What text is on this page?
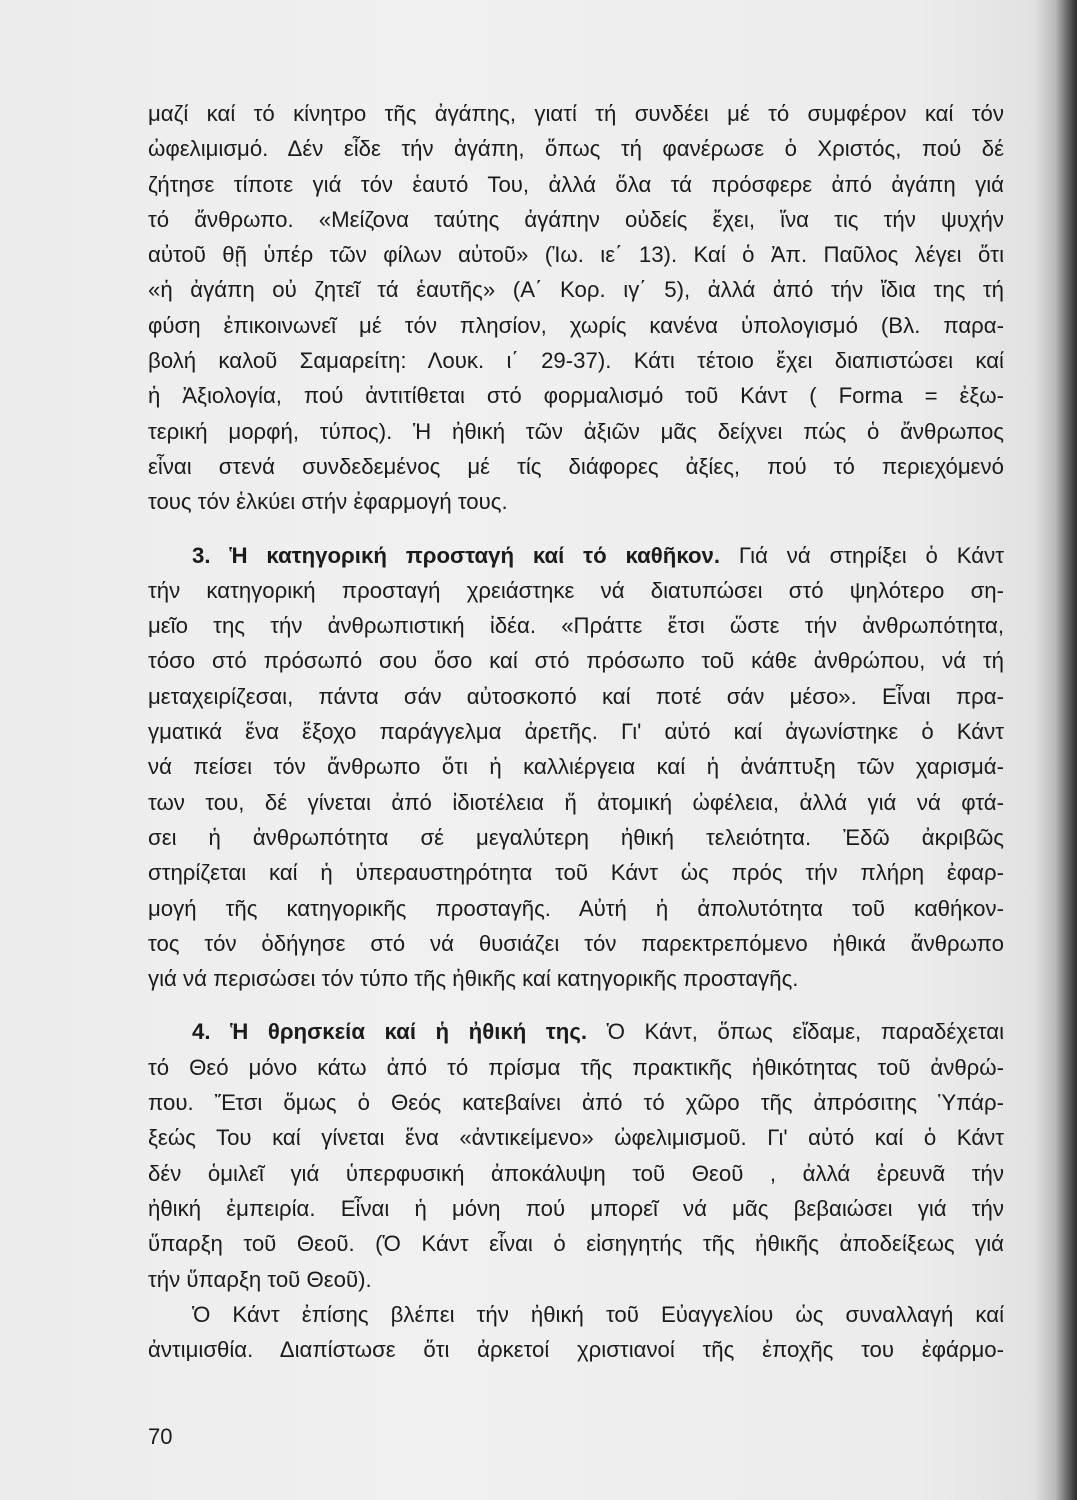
μαζί καί τό κίνητρο τῆς ἀγάπης, γιατί τή συνδέει μέ τό συμφέρον καί τόν
ὠφελιμισμό. Δέν εἶδε τήν ἀγάπη, ὅπως τή φανέρωσε ὁ Χριστός, πού δέ
ζήτησε τίποτε γιά τόν ἑαυτό Του, ἀλλά ὅλα τά πρόσφερε ἀπό ἀγάπη γιά
τό ἄνθρωπο. «Μείζονα ταύτης ἀγάπην οὐδείς ἔχει, ἵνα τις τήν ψυχήν
αὐτοῦ θῇ ὑπέρ τῶν φίλων αὐτοῦ» (Ἰω. ιε΄ 13). Καί ὁ Ἀπ. Παῦλος λέγει ὅτι
«ἡ ἀγάπη οὐ ζητεῖ τά ἑαυτῆς» (Α΄ Κορ. ιγ΄ 5), ἀλλά ἀπό τήν ἴδια της τή
φύση ἐπικοινωνεῖ μέ τόν πλησίον, χωρίς κανένα ὑπολογισμό (Βλ. παρα-
βολή καλοῦ Σαμαρείτη: Λουκ. ι΄ 29-37). Κάτι τέτοιο ἔχει διαπιστώσει καί
ἡ Ἀξιολογία, πού ἀντιτίθεται στό φορμαλισμό τοῦ Κάντ ( Forma = ἐξω-
τερική μορφή, τύπος). Ἡ ἠθική τῶν ἀξιῶν μᾶς δείχνει πώς ὁ ἄνθρωπος
εἶναι στενά συνδεδεμένος μέ τίς διάφορες ἀξίες, πού τό περιεχόμενό
τους τόν ἑλκύει στήν ἐφαρμογή τους.
3. Ἡ κατηγορική προσταγή καί τό καθῆκον. Γιά νά στηρίξει ὁ Κάντ
τήν κατηγορική προσταγή χρειάστηκε νά διατυπώσει στό ψηλότερο ση-
μεῖο της τήν ἀνθρωπιστική ἰδέα. «Πράττε ἔτσι ὥστε τήν ἀνθρωπότητα,
τόσο στό πρόσωπό σου ὅσο καί στό πρόσωπο τοῦ κάθε ἀνθρώπου, νά τή
μεταχειρίζεσαι, πάντα σάν αὐτοσκοπό καί ποτέ σάν μέσο». Εἶναι πρα-
γματικά ἕνα ἔξοχο παράγγελμα ἀρετῆς. Γι' αὐτό καί ἀγωνίστηκε ὁ Κάντ
νά πείσει τόν ἄνθρωπο ὅτι ἡ καλλιέργεια καί ἡ ἀνάπτυξη τῶν χαρισμά-
των του, δέ γίνεται ἀπό ἰδιοτέλεια ἤ ἀτομική ὠφέλεια, ἀλλά γιά νά φτά-
σει ἡ ἀνθρωπότητα σέ μεγαλύτερη ἠθική τελειότητα. Ἐδῶ ἀκριβῶς
στηρίζεται καί ἡ ὑπεραυστηρότητα τοῦ Κάντ ὡς πρός τήν πλήρη ἐφαρ-
μογή τῆς κατηγορικῆς προσταγῆς. Αὐτή ἡ ἀπολυτότητα τοῦ καθήκον-
τος τόν ὁδήγησε στό νά θυσιάζει τόν παρεκτρεπόμενο ἠθικά ἄνθρωπο
γιά νά περισώσει τόν τύπο τῆς ἠθικῆς καί κατηγορικῆς προσταγῆς.
4. Ἡ θρησκεία καί ἡ ἠθική της. Ὁ Κάντ, ὅπως εἴδαμε, παραδέχεται
τό Θεό μόνο κάτω ἀπό τό πρίσμα τῆς πρακτικῆς ἠθικότητας τοῦ ἀνθρώ-
που. Ἔτσι ὅμως ὁ Θεός κατεβαίνει ἀπό τό χῶρο τῆς ἀπρόσιτης Ὑπάρ-
ξεώς Του καί γίνεται ἕνα «ἀντικείμενο» ὠφελιμισμοῦ. Γι' αὐτό καί ὁ Κάντ
δέν ὁμιλεῖ γιά ὑπερφυσική ἀποκάλυψη τοῦ Θεοῦ , ἀλλά ἐρευνᾶ τήν
ἠθική ἐμπειρία. Εἶναι ἡ μόνη πού μπορεῖ νά μᾶς βεβαιώσει γιά τήν
ὕπαρξη τοῦ Θεοῦ. (Ὁ Κάντ εἶναι ὁ εἰσηγητής τῆς ἠθικῆς ἀποδείξεως γιά
τήν ὕπαρξη τοῦ Θεοῦ).
Ὁ Κάντ ἐπίσης βλέπει τήν ἠθική τοῦ Εὐαγγελίου ὡς συναλλαγή καί
ἀντιμισθία. Διαπίστωσε ὅτι ἀρκετοί χριστιανοί τῆς ἐποχῆς του ἐφάρμο-
70
